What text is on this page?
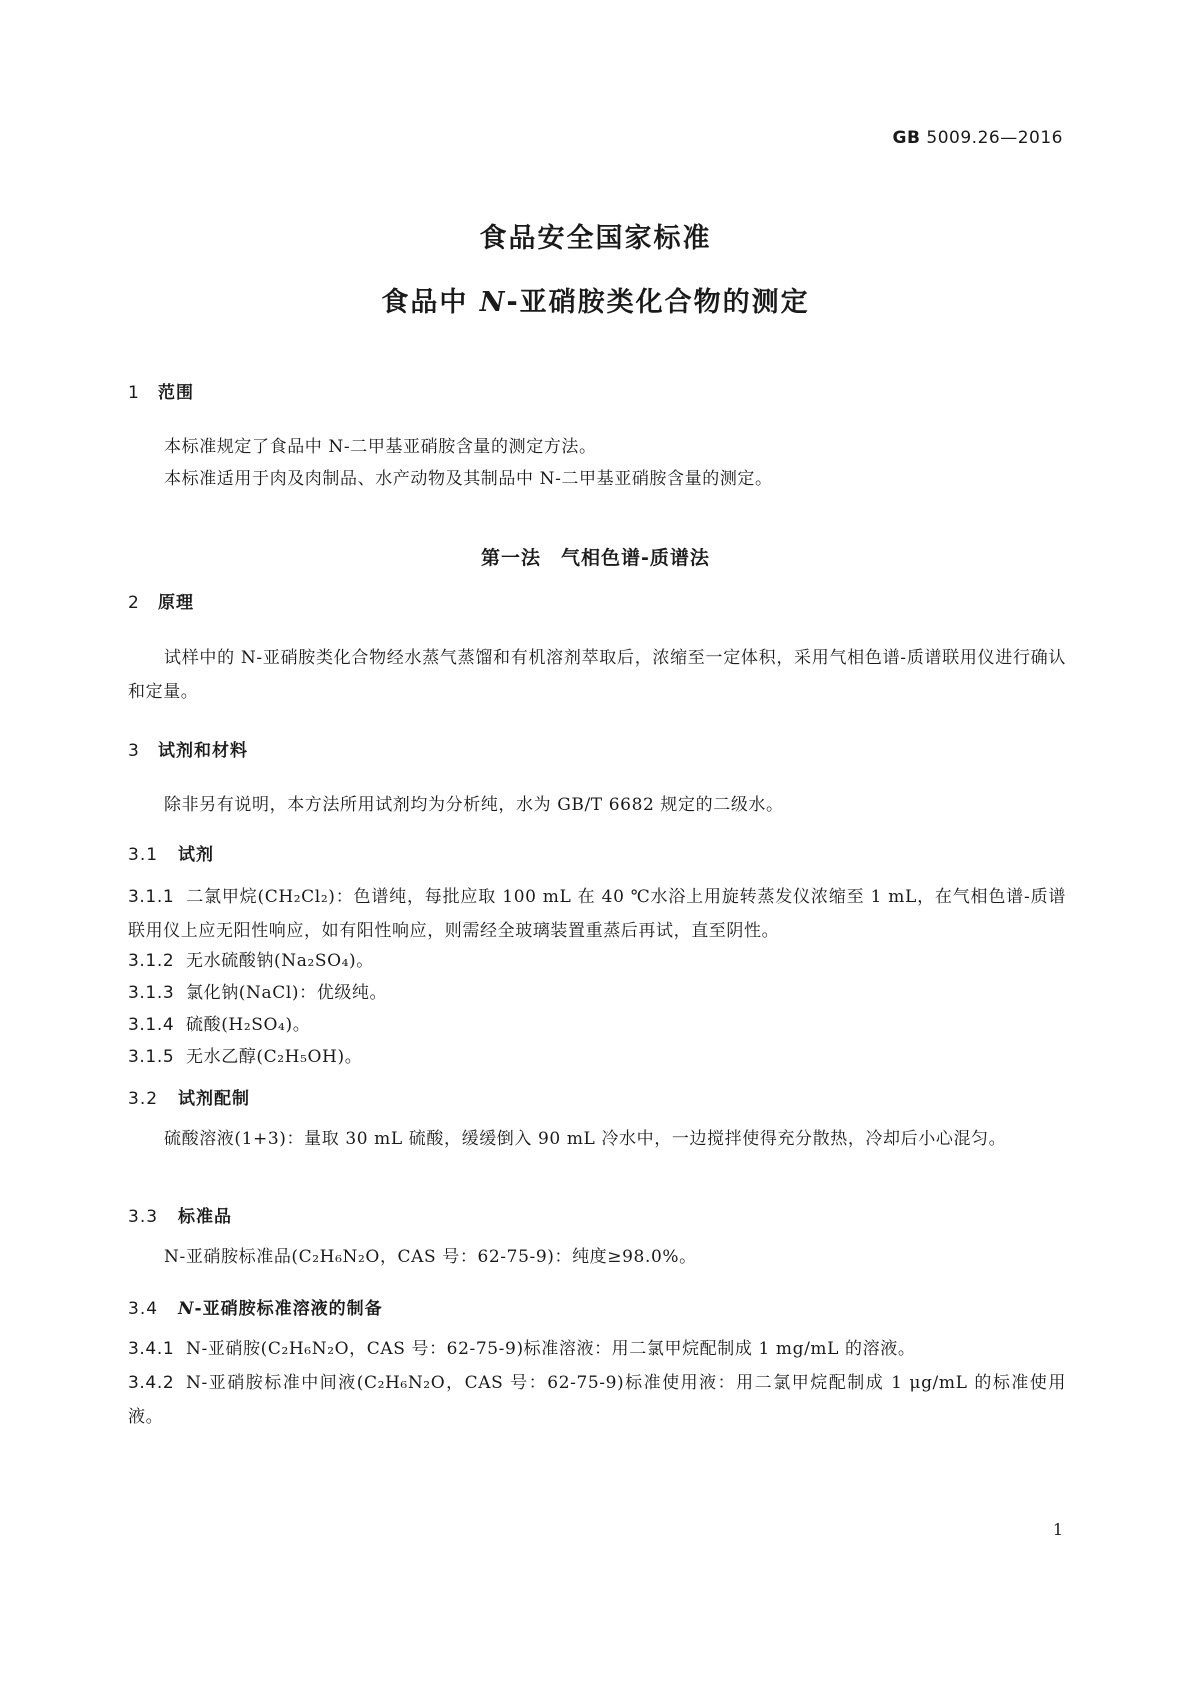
GB 5009.26—2016
食品安全国家标准
食品中 N-亚硝胺类化合物的测定
1 范围
本标准规定了食品中 N-二甲基亚硝胺含量的测定方法。
本标准适用于肉及肉制品、水产动物及其制品中 N-二甲基亚硝胺含量的测定。
第一法　气相色谱-质谱法
2 原理
试样中的 N-亚硝胺类化合物经水蒸气蒸馏和有机溶剂萃取后，浓缩至一定体积，采用气相色谱-质谱联用仪进行确认和定量。
3 试剂和材料
除非另有说明，本方法所用试剂均为分析纯，水为 GB/T 6682 规定的二级水。
3.1 试剂
3.1.1 二氯甲烷(CH₂Cl₂)：色谱纯，每批应取 100 mL 在 40 ℃水浴上用旋转蒸发仪浓缩至 1 mL，在气相色谱-质谱联用仪上应无阳性响应，如有阳性响应，则需经全玻璃装置重蒸后再试，直至阴性。
3.1.2 无水硫酸钠(Na₂SO₄)。
3.1.3 氯化钠(NaCl)：优级纯。
3.1.4 硫酸(H₂SO₄)。
3.1.5 无水乙醇(C₂H₅OH)。
3.2 试剂配制
硫酸溶液(1+3)：量取 30 mL 硫酸，缓缓倒入 90 mL 冷水中，一边搅拌使得充分散热，冷却后小心混匀。
3.3 标准品
N-亚硝胺标准品(C₂H₆N₂O，CAS 号：62-75-9)：纯度≥98.0%。
3.4 N-亚硝胺标准溶液的制备
3.4.1 N-亚硝胺(C₂H₆N₂O，CAS 号：62-75-9)标准溶液：用二氯甲烷配制成 1 mg/mL 的溶液。
3.4.2 N-亚硝胺标准中间液(C₂H₆N₂O，CAS 号：62-75-9)标准使用液：用二氯甲烷配制成 1 μg/mL 的标准使用液。
1
